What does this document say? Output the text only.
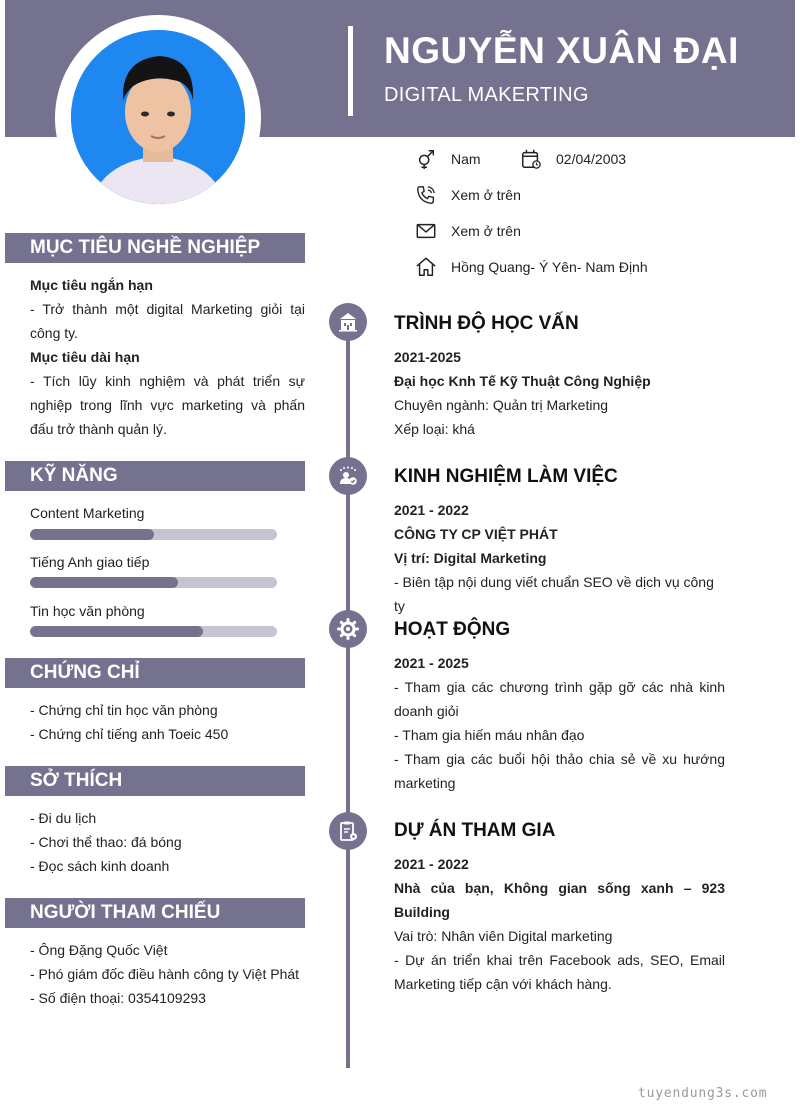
NGUYỄN XUÂN ĐẠI
DIGITAL MAKERTING
Nam	02/04/2003
Xem ở trên
Xem ở trên
Hồng Quang- Ý Yên- Nam Định
MỤC TIÊU NGHỀ NGHIỆP
Mục tiêu ngắn hạn
- Trở thành một digital Marketing giỏi tại công ty.
Mục tiêu dài hạn
- Tích lũy kinh nghiệm và phát triển sự nghiệp trong lĩnh vực marketing và phấn đấu trở thành quản lý.
KỸ NĂNG
Content Marketing
Tiếng Anh giao tiếp
Tin học văn phòng
CHỨNG CHỈ
- Chứng chỉ tin học văn phòng
- Chứng chỉ tiếng anh Toeic 450
SỞ THÍCH
- Đi du lịch
- Chơi thể thao: đá bóng
- Đọc sách kinh doanh
NGƯỜI THAM CHIẾU
- Ông Đặng Quốc Việt
- Phó giám đốc điều hành công ty Việt Phát
- Số điện thoại: 0354109293
TRÌNH ĐỘ HỌC VẤN
2021-2025
Đại học Knh Tế Kỹ Thuật Công Nghiệp
Chuyên ngành: Quản trị Marketing
Xếp loại: khá
KINH NGHIỆM LÀM VIỆC
2021 - 2022
CÔNG TY CP VIỆT PHÁT
Vị trí: Digital Marketing
- Biên tập nội dung viết chuẩn SEO về dịch vụ công ty
HOẠT ĐỘNG
2021 - 2025
- Tham gia các chương trình gặp gỡ các nhà kinh doanh giỏi
- Tham gia hiến máu nhân đạo
- Tham gia các buổi hội thảo chia sẻ về xu hướng marketing
DỰ ÁN THAM GIA
2021 - 2022
Nhà của bạn, Không gian sống xanh – 923 Building
Vai trò: Nhân viên Digital marketing
- Dự án triển khai trên Facebook ads, SEO, Email Marketing tiếp cận với khách hàng.
tuyendung3s.com
